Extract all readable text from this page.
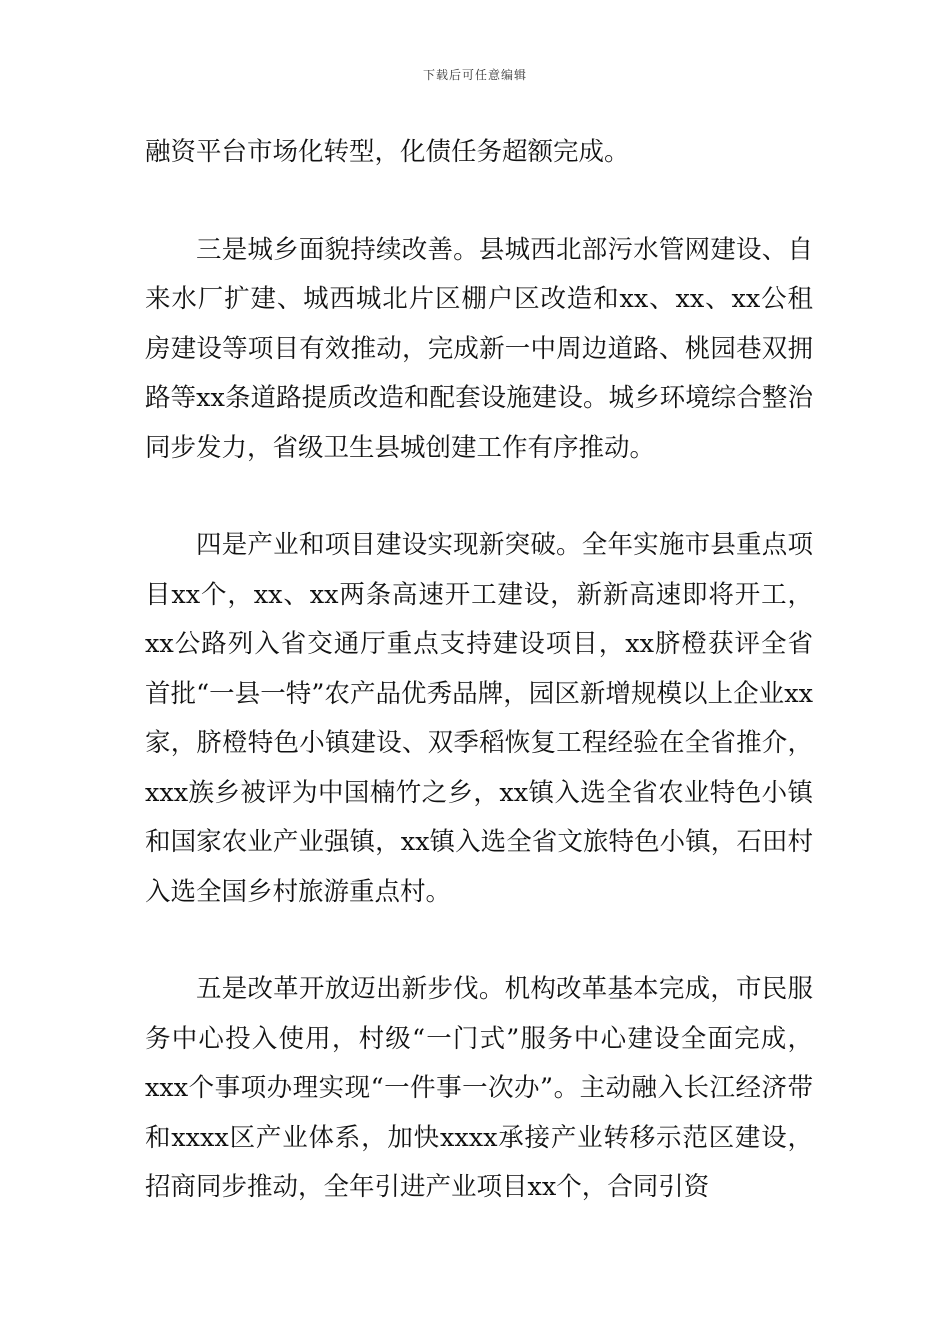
下载后可任意编辑

融资平台市场化转型，化债任务超额完成。

三是城乡面貌持续改善。县城西北部污水管网建设、自来水厂扩建、城西城北片区棚户区改造和xx、xx、xx公租房建设等项目有效推动，完成新一中周边道路、桃园巷双拥路等xx条道路提质改造和配套设施建设。城乡环境综合整治同步发力，省级卫生县城创建工作有序推动。

四是产业和项目建设实现新突破。全年实施市县重点项目xx个，xx、xx两条高速开工建设，新新高速即将开工，xx公路列入省交通厅重点支持建设项目，xx脐橙获评全省首批“一县一特”农产品优秀品牌，园区新增规模以上企业xx家，脐橙特色小镇建设、双季稻恢复工程经验在全省推介，xxx族乡被评为中国楠竹之乡，xx镇入选全省农业特色小镇和国家农业产业强镇，xx镇入选全省文旅特色小镇，石田村入选全国乡村旅游重点村。

五是改革开放迈出新步伐。机构改革基本完成，市民服务中心投入使用，村级“一门式”服务中心建设全面完成，xxx个事项办理实现“一件事一次办”。主动融入长江经济带和xxxx区产业体系，加快xxxx承接产业转移示范区建设，招商同步推动，全年引进产业项目xx个，合同引资
